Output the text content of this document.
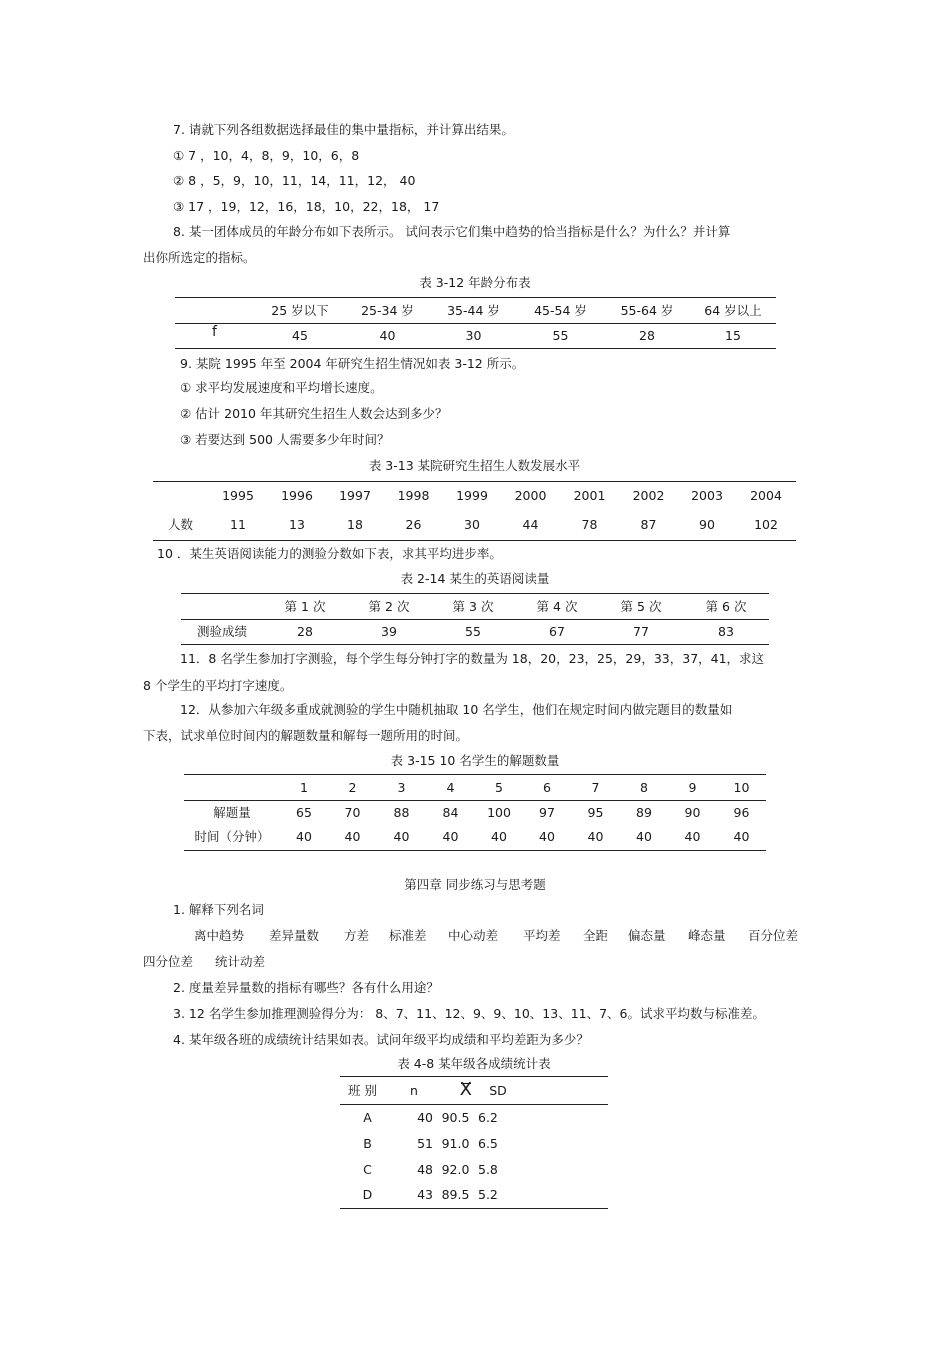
7. 请就下列各组数据选择最佳的集中量指标，并计算出结果。
① 7 ，10，4，8，9，10，6，8
② 8 ，5，9，10，11，14，11，12， 40
③ 17 ，19，12，16，18，10，22，18， 17
8. 某一团体成员的年龄分布如下表所示。 试问表示它们集中趋势的恰当指标是什么？为什么？并计算
出你所选定的指标。
表 3-12 年龄分布表
	25 岁以下	25-34 岁	35-44 岁	45-54 岁	55-64 岁	64 岁以上
f	45	40	30	55	28	15
9. 某院 1995 年至 2004 年研究生招生情况如表 3-12 所示。
① 求平均发展速度和平均增长速度。
② 估计 2010 年其研究生招生人数会达到多少？
③ 若要达到 500 人需要多少年时间？
表 3-13 某院研究生招生人数发展水平
	1995	1996	1997	1998	1999	2000	2001	2002	2003	2004
人数	11	13	18	26	30	44	78	87	90	102
10 ．某生英语阅读能力的测验分数如下表，求其平均进步率。
表 2-14 某生的英语阅读量
	第 1 次	第 2 次	第 3 次	第 4 次	第 5 次	第 6 次
测验成绩	28	39	55	67	77	83
11．8 名学生参加打字测验，每个学生每分钟打字的数量为 18，20，23，25，29，33，37，41，求这
8 个学生的平均打字速度。
12．从参加六年级多重成就测验的学生中随机抽取 10 名学生，他们在规定时间内做完题目的数量如
下表，试求单位时间内的解题数量和解每一题所用的时间。
表 3-15 10 名学生的解题数量
	1	2	3	4	5	6	7	8	9	10
解题量	65	70	88	84	100	97	95	89	90	96
时间（分钟）	40	40	40	40	40	40	40	40	40	40
第四章 同步练习与思考题
1. 解释下列名词
离中趋势 差异量数 方差 标准差 中心动差 平均差 全距 偏态量 峰态量 百分位差
四分位差 统计动差
2. 度量差异量数的指标有哪些？各有什么用途？
3. 12 名学生参加推理测验得分为： 8、7、11、12、9、9、10、13、11、7、6。试求平均数与标准差。
4. 某年级各班的成绩统计结果如表。试问年级平均成绩和平均差距为多少？
表 4-8 某年级各成绩统计表
班 别	n	X	SD	
A	40	90.5	6.2	
B	51	91.0	6.5	
C	48	92.0	5.8	
D	43	89.5	5.2	
